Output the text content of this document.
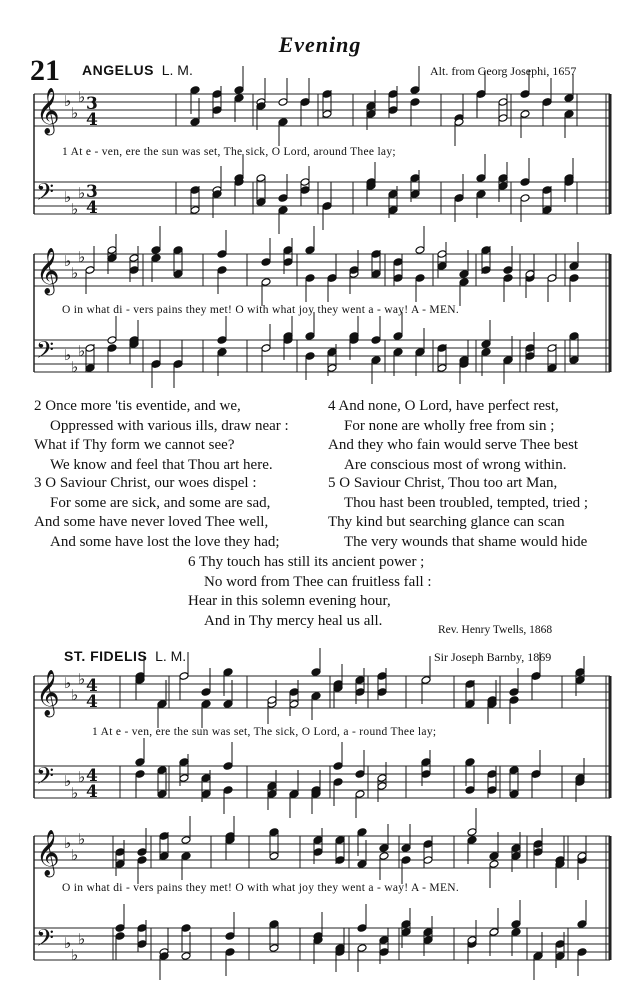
Evening
21 ANGELUS L. M.	Alt. from Georg Josephi, 1657
𝄞 ♭
♭
♭ 3
4
𝄢 ♭
♭
♭ 3
4
1 At e - ven, ere the sun was set, The sick, O Lord, around Thee lay;
𝄞 ♭
♭
♭
𝄢 ♭
♭
♭
O in what di - vers pains they met! O with what joy they went a - way! A - MEN.
2 Once more 'tis eventide, and we,
Oppressed with various ills, draw near :
What if Thy form we cannot see?
We know and feel that Thou art here.
3 O Saviour Christ, our woes dispel :
For some are sick, and some are sad,
And some have never loved Thee well,
And some have lost the love they had;
4 And none, O Lord, have perfect rest,
For none are wholly free from sin ;
And they who fain would serve Thee best
Are conscious most of wrong within.
5 O Saviour Christ, Thou too art Man,
Thou hast been troubled, tempted, tried ;
Thy kind but searching glance can scan
The very wounds that shame would hide
6 Thy touch has still its ancient power ;
No word from Thee can fruitless fall :
Hear in this solemn evening hour,
And in Thy mercy heal us all.
Rev. Henry Twells, 1868
ST. FIDELIS L. M.	Sir Joseph Barnby, 1869
𝄞 ♭
♭
♭ 4
4
𝄢 ♭
♭
♭ 4
4
1 At e - ven, ere the sun was set, The sick, O Lord, a - round Thee lay;
𝄞 ♭
♭
♭
𝄢 ♭
♭
♭
O in what di - vers pains they met! O with what joy they went a - way! A - MEN.
